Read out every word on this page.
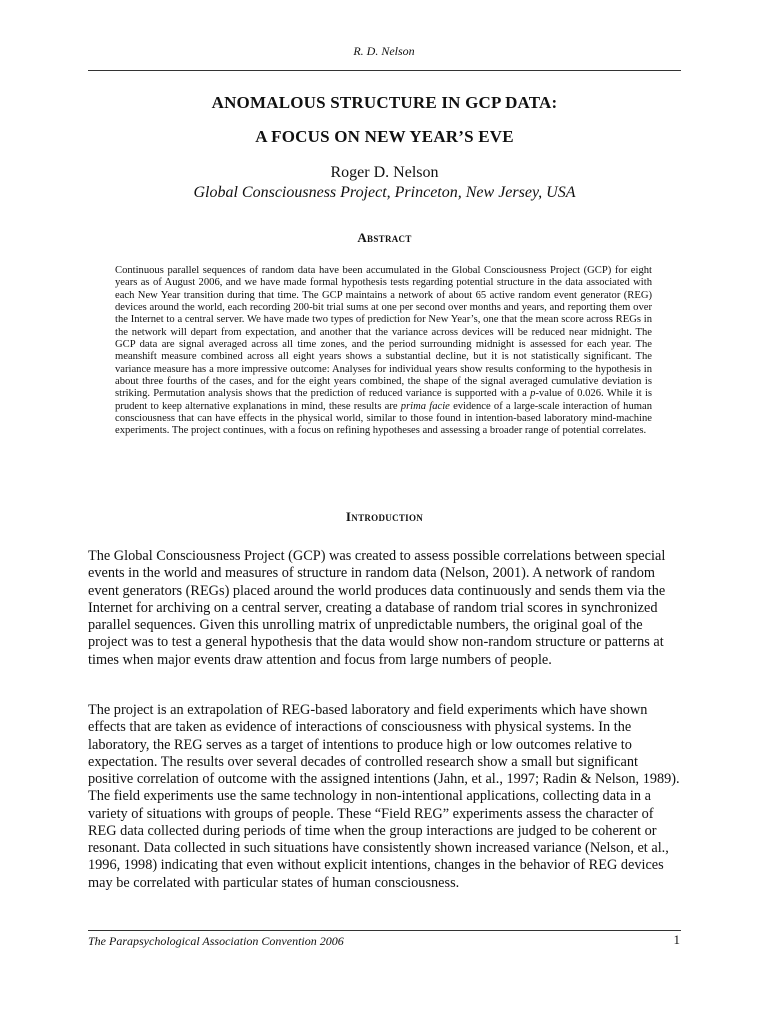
R. D. Nelson
ANOMALOUS STRUCTURE IN GCP DATA:
A FOCUS ON NEW YEAR’S EVE
Roger D. Nelson
Global Consciousness Project, Princeton, New Jersey, USA
Abstract

Continuous parallel sequences of random data have been accumulated in the Global Consciousness Project (GCP) for eight years as of August 2006, and we have made formal hypothesis tests regarding potential structure in the data associated with each New Year transition during that time. The GCP maintains a network of about 65 active random event generator (REG) devices around the world, each recording 200-bit trial sums at one per second over months and years, and reporting them over the Internet to a central server. We have made two types of prediction for New Year’s, one that the mean score across REGs in the network will depart from expectation, and another that the variance across devices will be reduced near midnight. The GCP data are signal averaged across all time zones, and the period surrounding midnight is assessed for each year. The meanshift measure combined across all eight years shows a substantial decline, but it is not statistically significant. The variance measure has a more impressive outcome: Analyses for individual years show results conforming to the hypothesis in about three fourths of the cases, and for the eight years combined, the shape of the signal averaged cumulative deviation is striking. Permutation analysis shows that the prediction of reduced variance is supported with a p-value of 0.026. While it is prudent to keep alternative explanations in mind, these results are prima facie evidence of a large-scale interaction of human consciousness that can have effects in the physical world, similar to those found in intention-based laboratory mind-machine experiments. The project continues, with a focus on refining hypotheses and assessing a broader range of potential correlates.

Introduction

The Global Consciousness Project (GCP) was created to assess possible correlations between special events in the world and measures of structure in random data (Nelson, 2001). A network of random event generators (REGs) placed around the world produces data continuously and sends them via the Internet for archiving on a central server, creating a database of random trial scores in synchronized parallel sequences. Given this unrolling matrix of unpredictable numbers, the original goal of the project was to test a general hypothesis that the data would show non-random structure or patterns at times when major events draw attention and focus from large numbers of people.

The project is an extrapolation of REG-based laboratory and field experiments which have shown effects that are taken as evidence of interactions of consciousness with physical systems. In the laboratory, the REG serves as a target of intentions to produce high or low outcomes relative to expectation. The results over several decades of controlled research show a small but significant positive correlation of outcome with the assigned intentions (Jahn, et al., 1997; Radin & Nelson, 1989). The field experiments use the same technology in non-intentional applications, collecting data in a variety of situations with groups of people. These “Field REG” experiments assess the character of REG data collected during periods of time when the group interactions are judged to be coherent or resonant. Data collected in such situations have consistently shown increased variance (Nelson, et al., 1996, 1998) indicating that even without explicit intentions, changes in the behavior of REG devices may be correlated with particular states of human consciousness.

The Parapsychological Association Convention 2006	1
